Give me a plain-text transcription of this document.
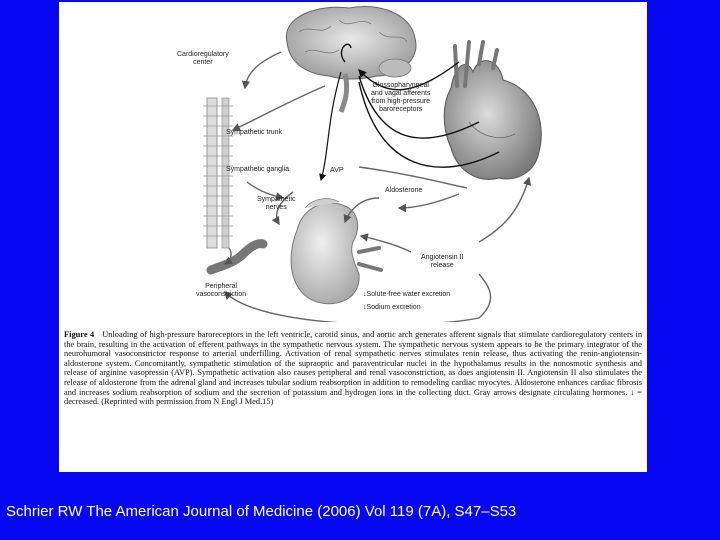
Cardioregulatory
center
Glossopharyngeal
and vagal afferents
from high-pressure
baroreceptors
Sympathetic trunk
Sympathetic ganglia	AVP
Aldosterone
Sympathetic
nerves
Angiotensin II
release
Peripheral
vasoconstriction	↓Solute-free water excretion
↓Sodium excretion
Figure 4 Unloading of high-pressure baroreceptors in the left ventricle, carotid sinus, and aortic arch generates afferent signals that stimulate cardioregulatory centers in the brain, resulting in the activation of efferent pathways in the sympathetic nervous system. The sympathetic nervous system appears to be the primary integrator of the neurohumoral vasoconstrictor response to arterial underfilling. Activation of renal sympathetic nerves stimulates renin release, thus activating the renin-angiotensin-aldosterone system. Concomitantly, sympathetic stimulation of the supraoptic and paraventricular nuclei in the hypothalamus results in the nonosmotic synthesis and release of arginine vasopressin (AVP). Sympathetic activation also causes peripheral and renal vasoconstriction, as does angiotensin II. Angiotensin II also stimulates the release of aldosterone from the adrenal gland and increases tubular sodium reabsorption in addition to remodeling cardiac myocytes. Aldosterone enhances cardiac fibrosis and increases sodium reabsorption of sodium and the secretion of potassium and hydrogen ions in the collecting duct. Gray arrows designate circulating hormones. ↓ = decreased. (Reprinted with permission from N Engl J Med.15)
Schrier RW The American Journal of Medicine (2006) Vol 119 (7A), S47–S53
